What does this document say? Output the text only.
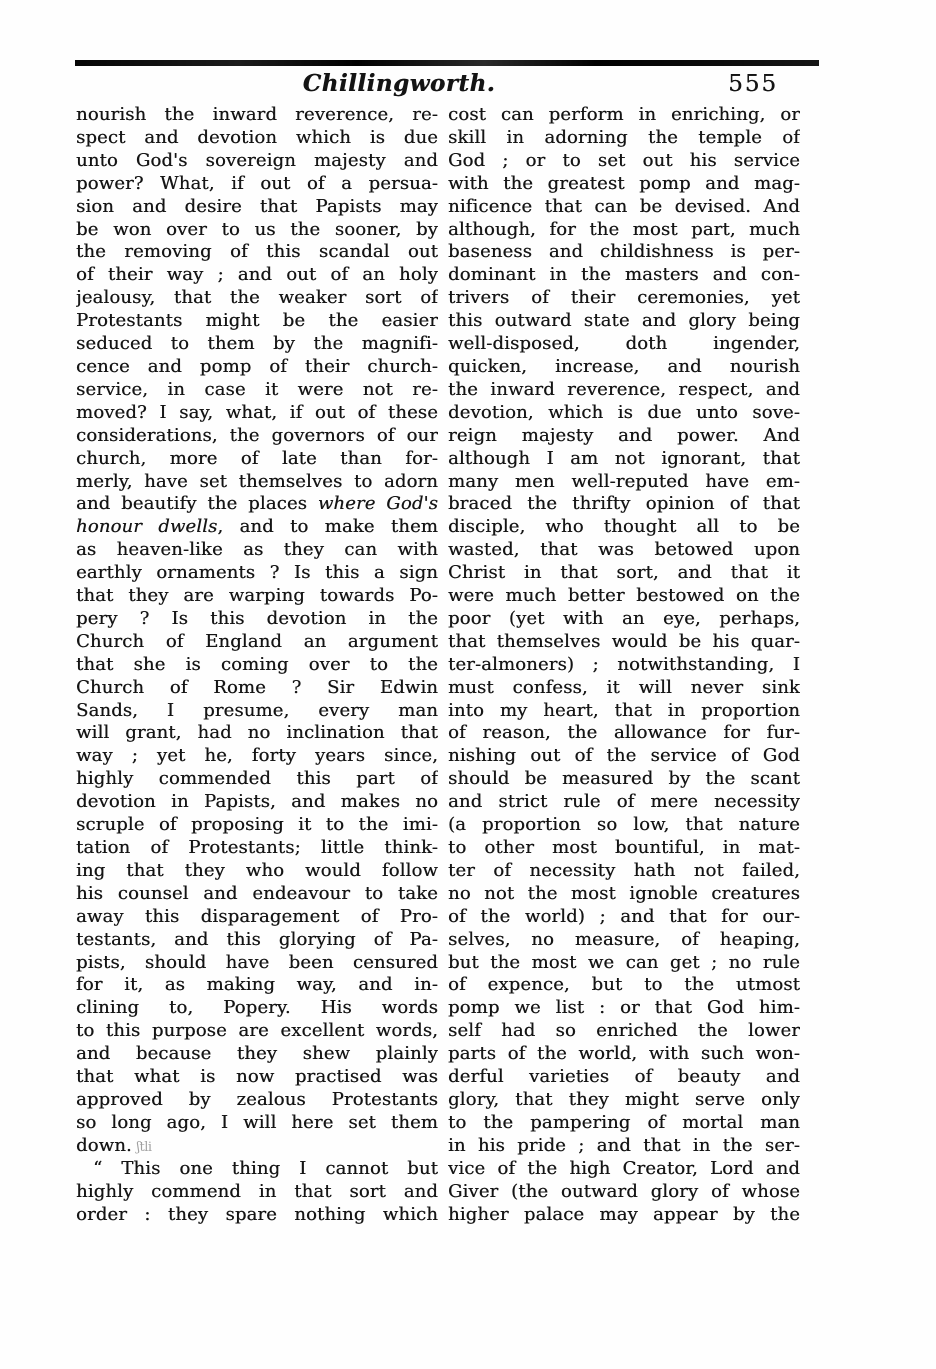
Chillingworth.	555
nourish the inward reverence, re-
spect and devotion which is due
unto God's sovereign majesty and
power? What, if out of a persua-
sion and desire that Papists may
be won over to us the sooner, by
the removing of this scandal out
of their way ; and out of an holy
jealousy, that the weaker sort of
Protestants might be the easier
seduced to them by the magnifi-
cence and pomp of their church-
service, in case it were not re-
moved? I say, what, if out of these
considerations, the governors of our
church, more of late than for-
merly, have set themselves to adorn
and beautify the places where God's
honour dwells, and to make them
as heaven-like as they can with
earthly ornaments ? Is this a sign
that they are warping towards Po-
pery ? Is this devotion in the
Church of England an argument
that she is coming over to the
Church of Rome ? Sir Edwin
Sands, I presume, every man
will grant, had no inclination that
way ; yet he, forty years since,
highly commended this part of
devotion in Papists, and makes no
scruple of proposing it to the imi-
tation of Protestants; little think-
ing that they who would follow
his counsel and endeavour to take
away this disparagement of Pro-
testants, and this glorying of Pa-
pists, should have been censured
for it, as making way, and in-
clining to, Popery. His words
to this purpose are excellent words,
and because they shew plainly
that what is now practised was
approved by zealous Protestants
so long ago, I will here set them
down. ʃtli
“ This one thing I cannot but
highly commend in that sort and
order : they spare nothing which
cost can perform in enriching, or
skill in adorning the temple of
God ; or to set out his service
with the greatest pomp and mag-
nificence that can be devised. And
although, for the most part, much
baseness and childishness is per-
dominant in the masters and con-
trivers of their ceremonies, yet
this outward state and glory being
well-disposed, doth ingender,
quicken, increase, and nourish
the inward reverence, respect, and
devotion, which is due unto sove-
reign majesty and power. And
although I am not ignorant, that
many men well-reputed have em-
braced the thrifty opinion of that
disciple, who thought all to be
wasted, that was betowed upon
Christ in that sort, and that it
were much better bestowed on the
poor (yet with an eye, perhaps,
that themselves would be his quar-
ter-almoners) ; notwithstanding, I
must confess, it will never sink
into my heart, that in proportion
of reason, the allowance for fur-
nishing out of the service of God
should be measured by the scant
and strict rule of mere necessity
(a proportion so low, that nature
to other most bountiful, in mat-
ter of necessity hath not failed,
no not the most ignoble creatures
of the world) ; and that for our-
selves, no measure, of heaping,
but the most we can get ; no rule
of expence, but to the utmost
pomp we list : or that God him-
self had so enriched the lower
parts of the world, with such won-
derful varieties of beauty and
glory, that they might serve only
to the pampering of mortal man
in his pride ; and that in the ser-
vice of the high Creator, Lord and
Giver (the outward glory of whose
higher palace may appear by the
